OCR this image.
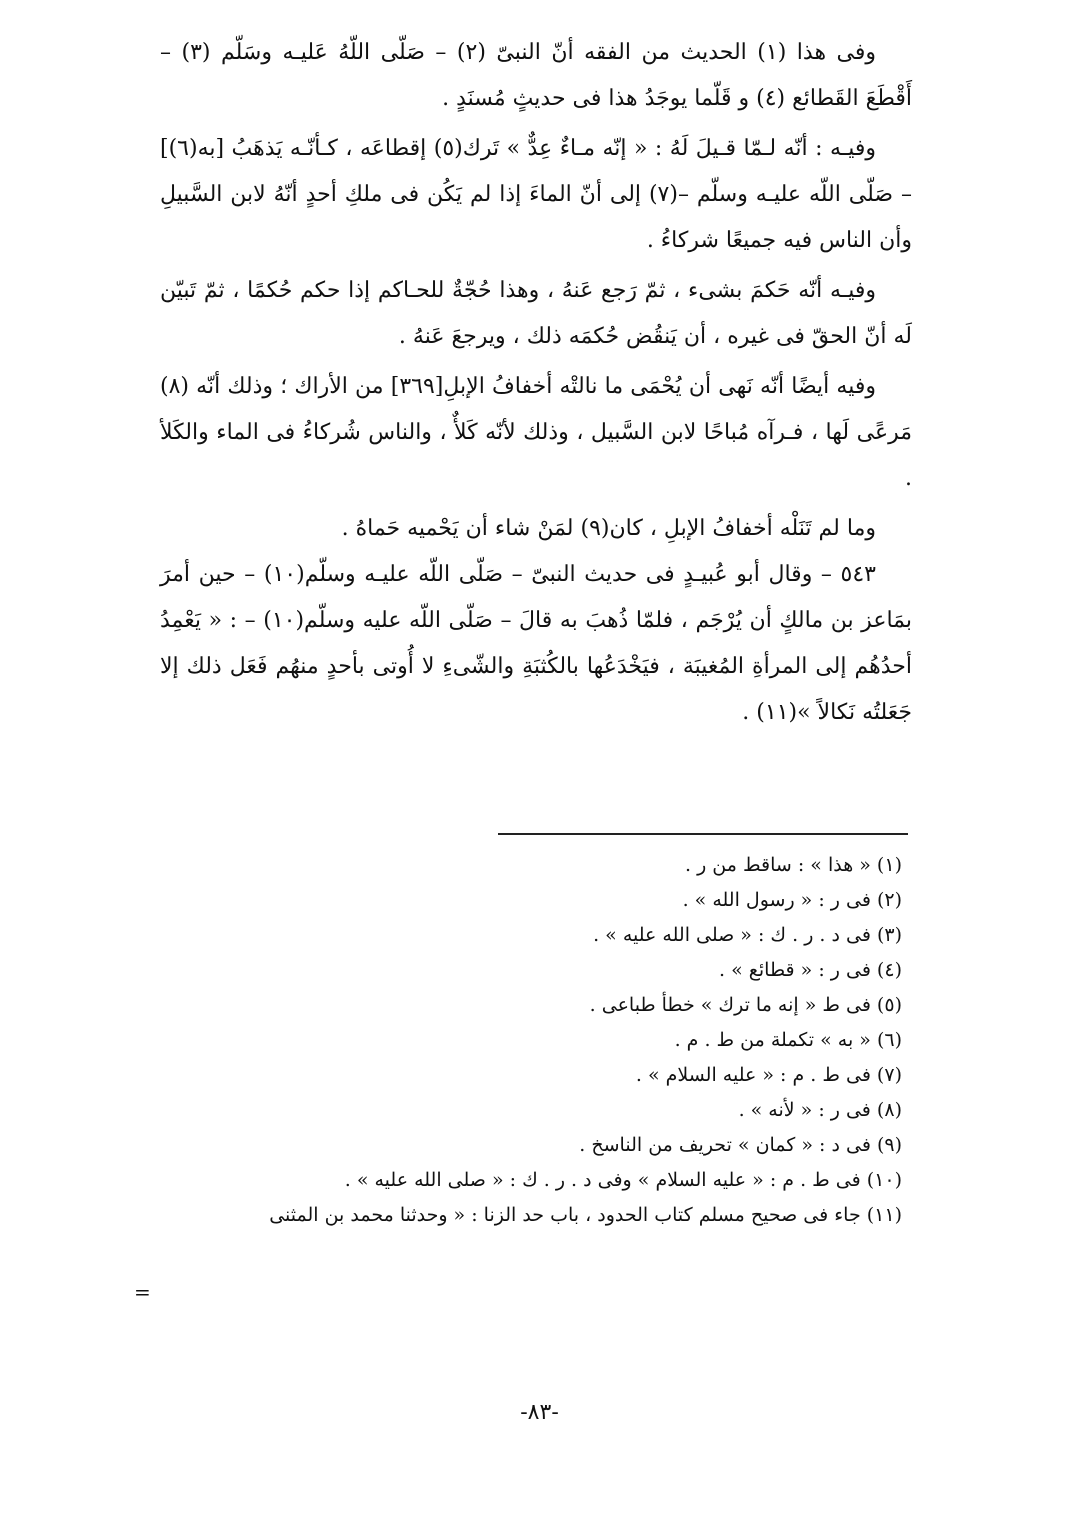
وفى هذا (١) الحديث من الفقه أنّ النبىّ (٢) – صَلّى اللّهُ عَليـه وسَلّم (٣) – أَقْطَعَ القَطائع (٤) و قَلّما يوجَدُ هذا فى حديثٍ مُسنَدٍ .

وفيـه : أنّه لـمّا قـيلَ لَهُ : « إنّه مـاءٌ عِدٌّ » تَرك(٥) إقطاعَه ، كـأنّـه يَذهَبُ [به(٦)] – صَلّى اللّه عليـه وسلّم –(٧) إلى أنّ الماءَ إذا لم يَكُن فى ملكِ أحدٍ أنّهُ لابن السَّبيلِ وأن الناس فيه جميعًا شركاءُ .

وفيـه أنّه حَكمَ بشىء ، ثمّ رَجع عَنهُ ، وهذا حُجّةٌ للحـاكم إذا حكم حُكمًا ، ثمّ تَبيّن لَه أنّ الحقّ فى غيره ، أن يَنقُض حُكمَه ذلك ، ويرجعَ عَنهُ .

وفيه أيضًا أنّه نَهى أن يُحْمَى ما نالتْه أخفافُ الإبلِ[٣٦٩] من الأراك ؛ وذلك أنّه (٨) مَرعًى لَها ، فـرآه مُباحًا لابن السَّبيل ، وذلك لأنّه كَلأٌ ، والناس شُركاءُ فى الماء والكَلأ .

وما لم تَنَلْه أخفافُ الإبلِ ، كان(٩) لمَنْ شاء أن يَحْميه حَماهُ .

٥٤٣ – وقال أبو عُبيـدٍ فى حديث النبىّ – صَلّى اللّه عليـه وسلّم(١٠) – حين أمرَ بمَاعز بن مالكٍ أن يُرْجَم ، فلمّا ذُهبَ به قالَ – صَلّى اللّه عليه وسلّم(١٠) – : « يَعْمِدُ أحدُهُم إلى المرأةِ المُغيبَة ، فيَخْدَعُها بالكُثبَةِ والشّىءِ لا أُوتى بأحدٍ منهُم فَعَل ذلك إلا جَعَلتُه نَكالاً »(١١) .

(١) « هذا » : ساقط من ر .
(٢) فى ر : « رسول الله » .
(٣) فى د . ر . ك : « صلى الله عليه » .
(٤) فى ر : « قطائع » .
(٥) فى ط « إنه ما ترك » خطأ طباعى .
(٦) « به » تكملة من ط . م .
(٧) فى ط . م : « عليه السلام » .
(٨) فى ر : « لأنه » .
(٩) فى د : « كمان » تحريف من الناسخ .
(١٠) فى ط . م : « عليه السلام » وفى د . ر . ك : « صلى الله عليه » .
(١١) جاء فى صحيح مسلم كتاب الحدود ، باب حد الزنا : « وحدثنا محمد بن المثنى
=
-٨٣-
